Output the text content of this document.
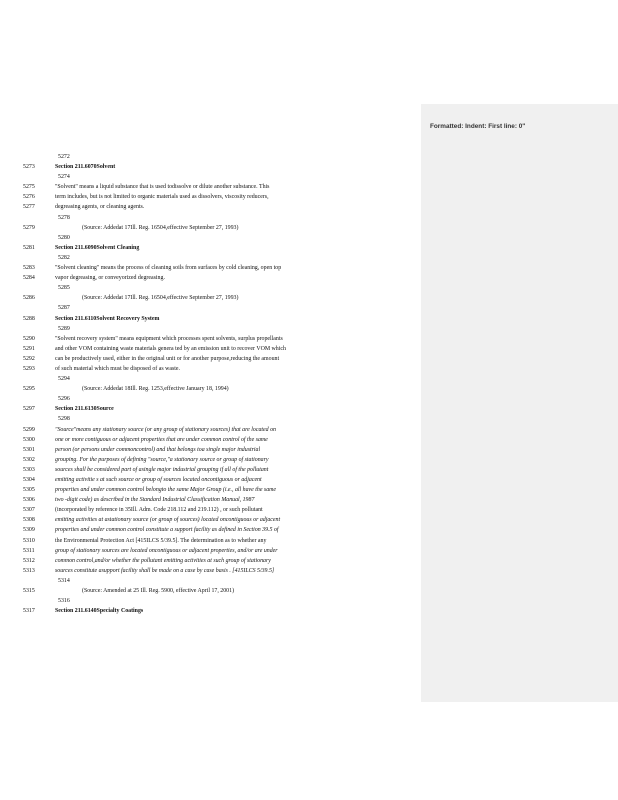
Formatted: Indent: First line: 0"
5272
5273	Section 211.6070Solvent
5274
5275	"Solvent" means a liquid substance that is used todissolve or dilute another substance. This
5276	term includes, but is not limited to organic materials used as dissolvers, viscosity reducers,
5277	degreasing agents, or cleaning agents.
5278
5279	(Source: Addedat 17Ill. Reg. 16504,effective September 27, 1993)
5280
5281	Section 211.6090Solvent Cleaning
5282
5283	"Solvent cleaning" means the process of cleaning soils from surfaces by cold cleaning, open top
5284	vapor degreasing, or conveyorized degreasing.
5285
5286	(Source: Addedat 17Ill. Reg. 16504,effective September 27, 1993)
5287
5288	Section 211.6110Solvent Recovery System
5289
5290	"Solvent recovery system" means equipment which processes spent solvents, surplus propellants
5291	and other VOM containing waste materials genera ted by an emission unit to recover VOM which
5292	can be productively used, either in the original unit or for another purpose,reducing the amount
5293	of such material which must be disposed of as waste.
5294
5295	(Source: Addedat 18Ill. Reg. 1253,effective January 18, 1994)
5296
5297	Section 211.6130Source
5298
5299	"Source"means any stationary source (or any group of stationary sources) that are located on
5300	one or more contiguous or adjacent properties that are under common control of the same
5301	person (or persons under commoncontrol) and that belongs toa single major industrial
5302	grouping. For the purposes of defining "source,"a stationary source or group of stationary
5303	sources shall be considered part of asingle major industrial grouping if all of the pollutant
5304	emitting activitie s at such source or group of sources located oncontiguous or adjacent
5305	properties and under common control belongto the same Major Group (i.e., all have the same
5306	two -digit code) as described in the Standard Industrial Classification Manual, 1987
5307	(incorporated by reference in 35Ill. Adm. Code 218.112 and 219.112) , or such pollutant
5308	emitting activities at astationary source (or group of sources) located oncontiguous or adjacent
5309	properties and under common control constitute a support facility as defined in Section 39.5 of
5310	the Environmental Protection Act [415ILCS 5/39.5]. The determination as to whether any
5311	group of stationary sources are located oncontiguous or adjacent properties, and/or are under
5312	common control,and/or whether the pollutant emitting activities at such group of stationary
5313	sources constitute asupport facility shall be made on a case by case basis . [415ILCS 5/39.5]
5314
5315	(Source: Amended at 25 Ill. Reg. 5900, effective April 17, 2001)
5316
5317	Section 211.6140Specialty Coatings
